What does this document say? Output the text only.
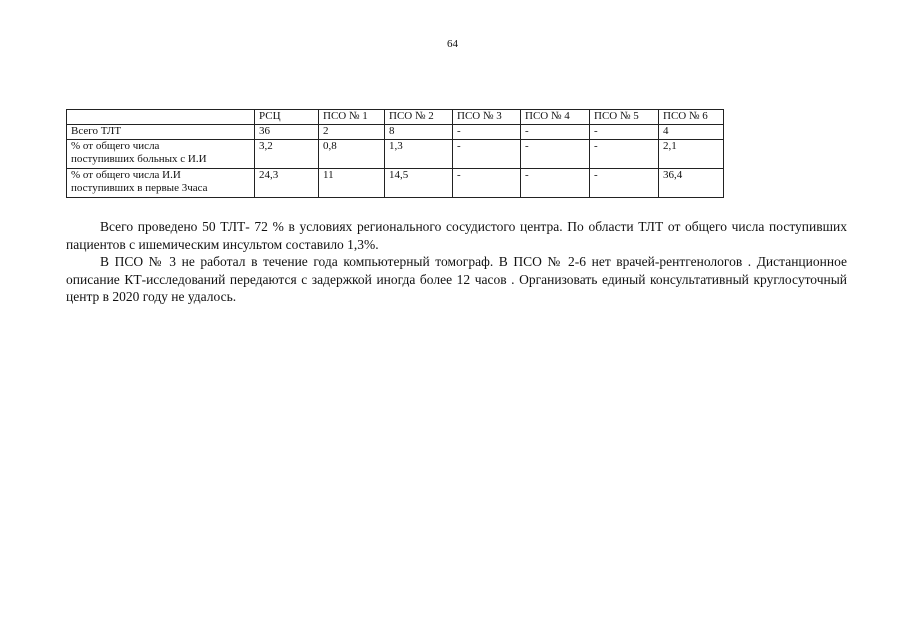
64
	РСЦ	ПСО № 1	ПСО № 2	ПСО № 3	ПСО № 4	ПСО № 5	ПСО № 6
Всего ТЛТ	36	2	8	-	-	-	4
% от общего числа
поступивших больных с И.И	3,2	0,8	1,3	-	-	-	2,1
% от общего числа И.И
поступивших в первые 3часа	24,3	11	14,5	-	-	-	36,4

Всего проведено 50 ТЛТ- 72 % в условиях регионального сосудистого центра. По области ТЛТ от общего числа поступивших пациентов с ишемическим инсультом составило 1,3%.

В ПСО № 3 не работал в течение года компьютерный томограф. В ПСО № 2-6 нет врачей-рентгенологов . Дистанционное описание КТ-исследований передаются с задержкой иногда более 12 часов . Организовать единый консультативный круглосуточный центр в 2020 году не удалось.
